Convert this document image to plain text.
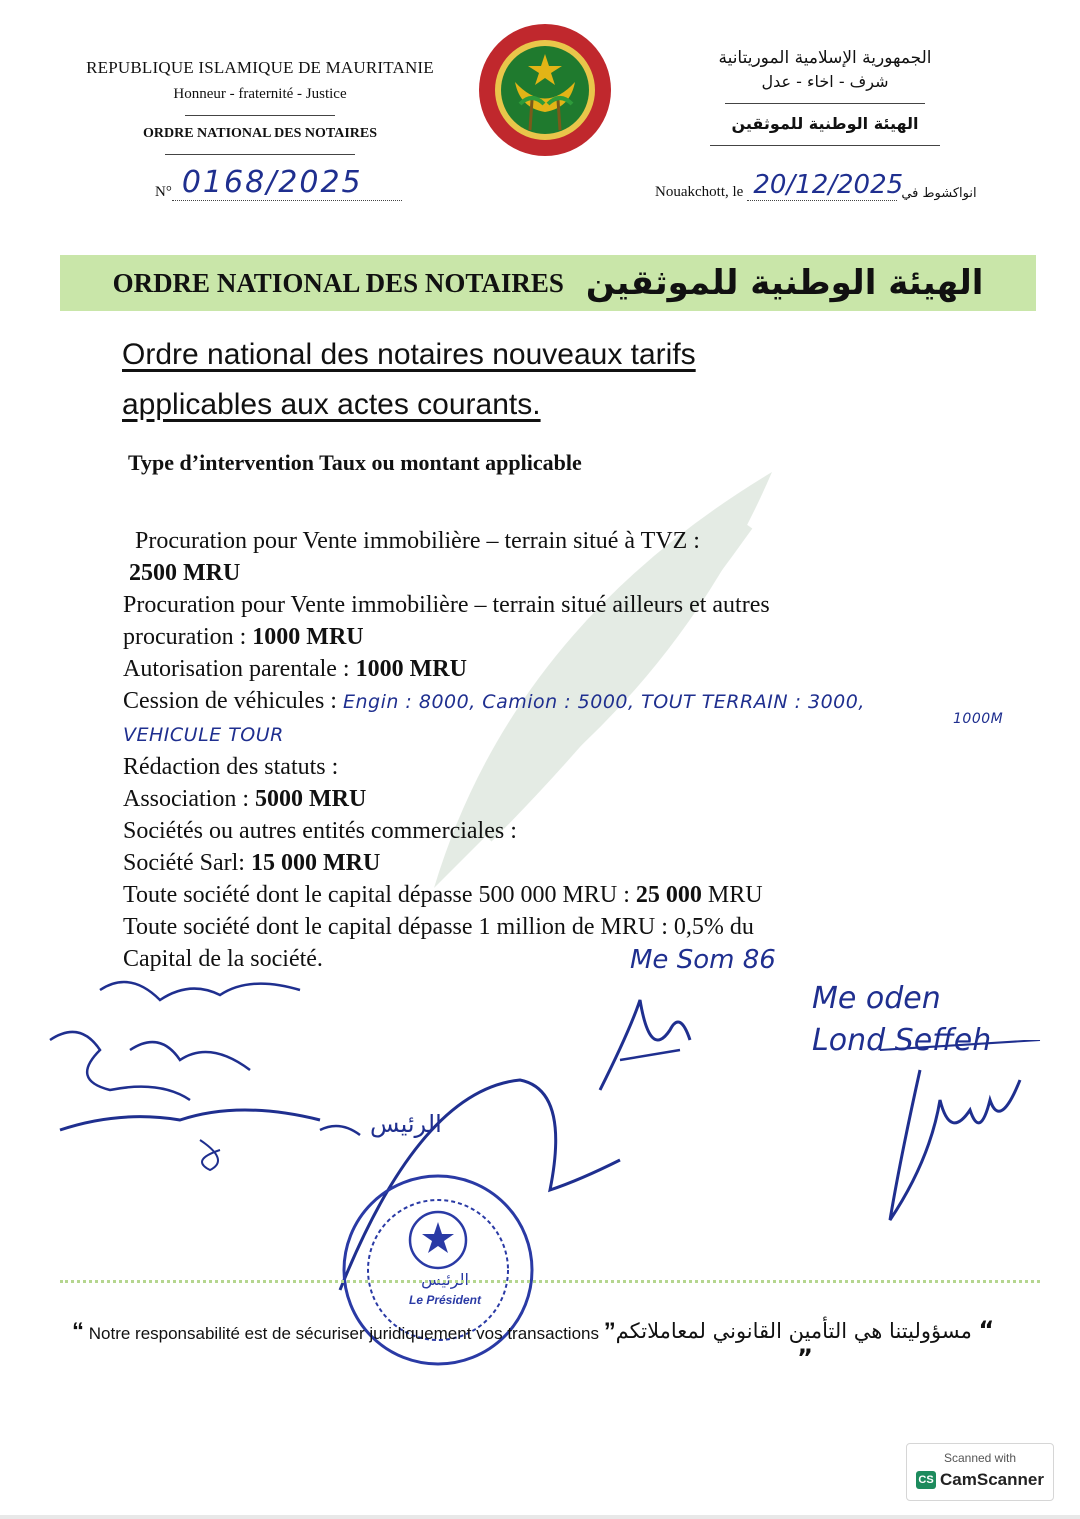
REPUBLIQUE ISLAMIQUE DE MAURITANIE
Honneur - fraternité - Justice
ORDRE NATIONAL DES NOTAIRES
الجمهورية الإسلامية الموريتانية
شرف - اخاء - عدل
الهيئة الوطنية للموثقين
N° 0168/2025	Nouakchott, le 20/12/2025
انواكشوط في
ORDRE NATIONAL DES NOTAIRES الهيئة الوطنية للموثقين
Ordre national des notaires nouveaux tarifs
applicables aux actes courants.
Type d’intervention Taux ou montant applicable
Procuration pour Vente immobilière – terrain situé à TVZ :
2500 MRU
Procuration pour Vente immobilière – terrain situé ailleurs et autres
procuration : 1000 MRU
Autorisation parentale : 1000 MRU
Cession de véhicules : Engin : 8000, Camion : 5000, TOUT TERRAIN : 3000, VEHICULE TOUR
1000M
Rédaction des statuts :
Association : 5000 MRU
Sociétés ou autres entités commerciales :
Société Sarl: 15 000 MRU
Toute société dont le capital dépasse 500 000 MRU : 25 000 MRU
Toute société dont le capital dépasse 1 million de MRU : 0,5% du
Capital de la société.
الرئيس
Me Som 86
Me oden Lond Seffeh
الرئيس
Le Président
“ Notre responsabilité est de sécuriser juridiquement vos transactions ”	“ مسؤوليتنا هي التأمين القانوني لمعاملاتكم ”
Scanned with
CS CamScanner
